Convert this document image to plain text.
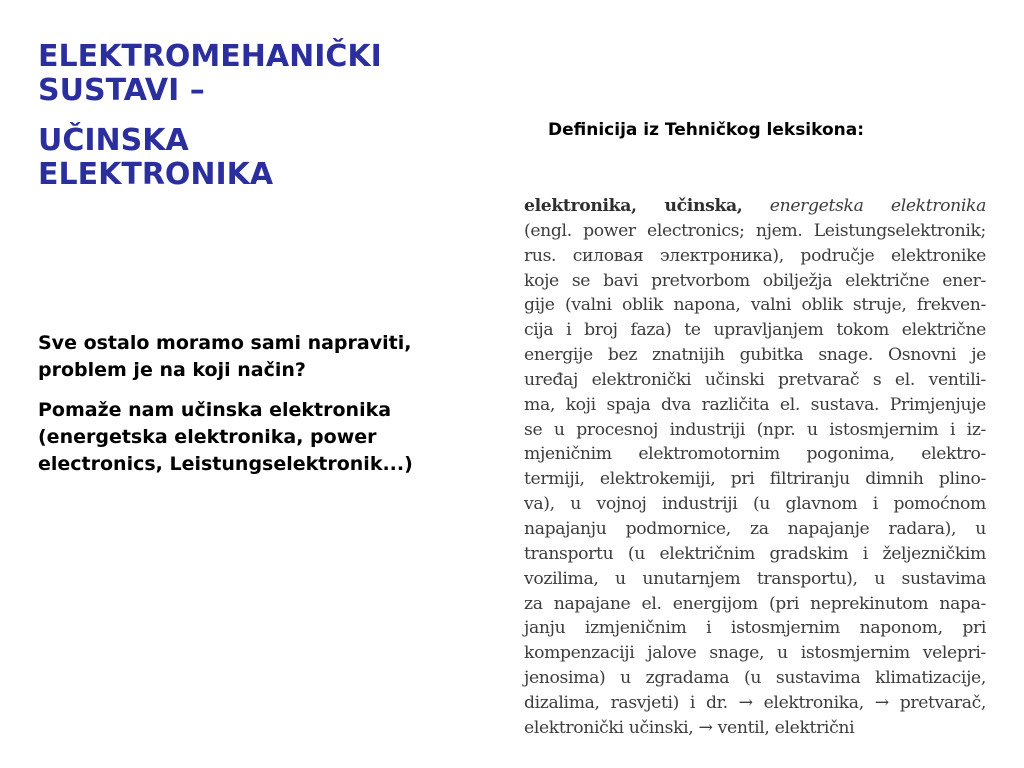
ELEKTROMEHANIČKI
SUSTAVI –
UČINSKA
ELEKTRONIKA

Sve ostalo moramo sami napraviti, problem je na koji način?

Pomaže nam učinska elektronika (energetska elektronika, power electronics, Leistungselektronik...)

Definicija iz Tehničkog leksikona:
elektronika, učinska, energetska elektronika
(engl. power electronics; njem. Leistungselektronik;
rus. силовая электроника), područje elektronike
koje se bavi pretvorbom obilježja električne ener-
gije (valni oblik napona, valni oblik struje, frekven-
cija i broj faza) te upravljanjem tokom električne
energije bez znatnijih gubitka snage. Osnovni je
uređaj elektronički učinski pretvarač s el. ventili-
ma, koji spaja dva različita el. sustava. Primjenjuje
se u procesnoj industriji (npr. u istosmjernim i iz-
mjeničnim elektromotornim pogonima, elektro-
termiji, elektrokemiji, pri filtriranju dimnih plino-
va), u vojnoj industriji (u glavnom i pomoćnom
napajanju podmornice, za napajanje radara), u
transportu (u električnim gradskim i željezničkim
vozilima, u unutarnjem transportu), u sustavima
za napajane el. energijom (pri neprekinutom napa-
janju izmjeničnim i istosmjernim naponom, pri
kompenzaciji jalove snage, u istosmjernim velepri-
jenosima) u zgradama (u sustavima klimatizacije,
dizalima, rasvjeti) i dr. → elektronika, → pretvarač,
elektronički učinski, → ventil, električni
